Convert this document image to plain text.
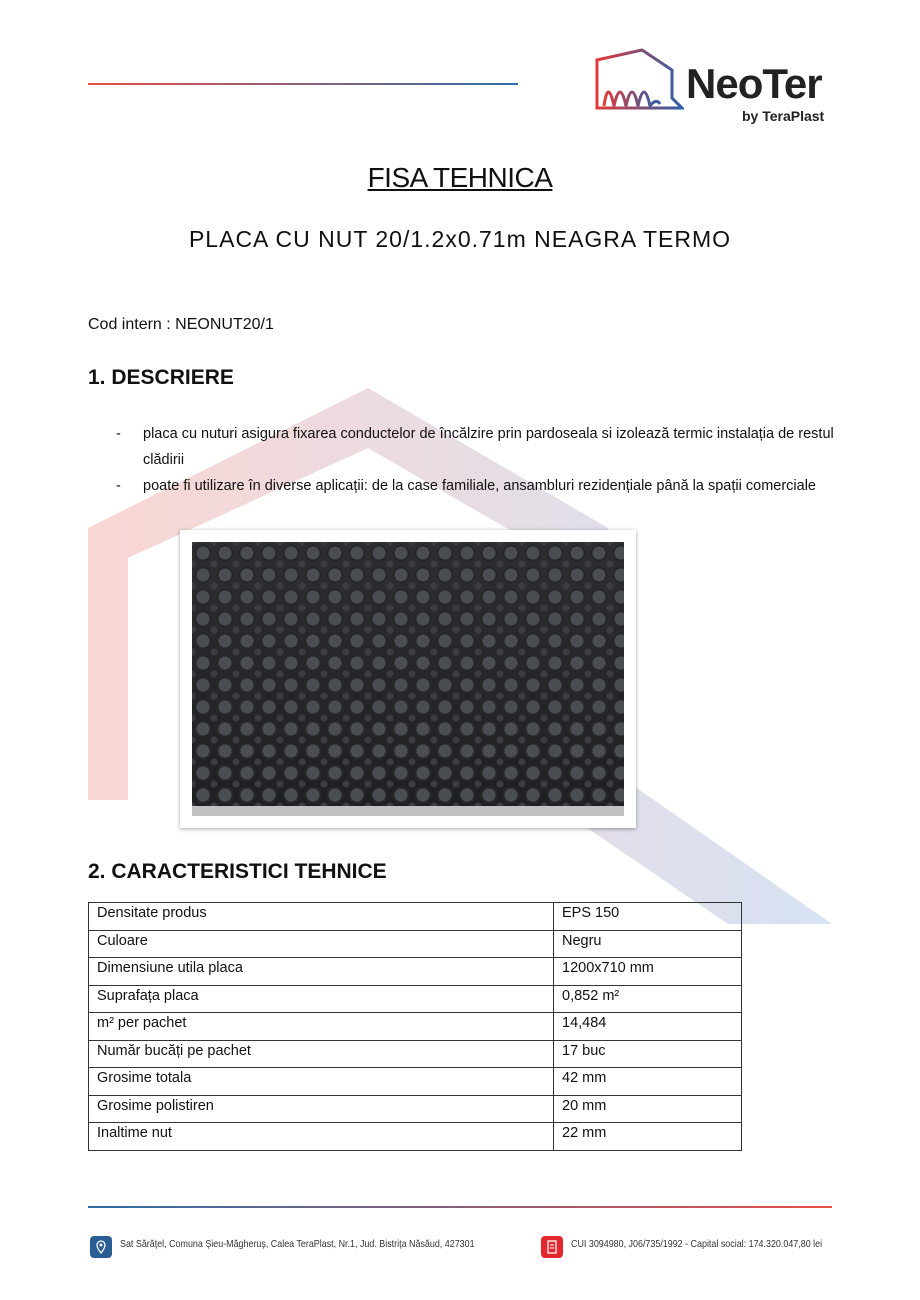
NeoTer
by TeraPlast
FISA TEHNICA
PLACA CU NUT 20/1.2x0.71m NEAGRA TERMO
Cod intern : NEONUT20/1
1. DESCRIERE
- placa cu nuturi asigura fixarea conductelor de încălzire prin pardoseala si izolează termic instalația de restul clădirii
- poate fi utilizare în diverse aplicații: de la case familiale, ansambluri rezidențiale până la spații comerciale
2. CARACTERISTICI TEHNICE
Densitate produs	EPS 150
Culoare	Negru
Dimensiune utila placa	1200x710 mm
Suprafața placa	0,852 m²
m² per pachet	14,484
Număr bucăți pe pachet	17 buc
Grosime totala	42 mm
Grosime polistiren	20 mm
Inaltime nut	22 mm
Sat Sărățel, Comuna Șieu-Măgheruș, Calea TeraPlast, Nr.1, Jud. Bistrița Năsăud, 427301	CUI 3094980, J06/735/1992 - Capital social: 174.320.047,80 lei
